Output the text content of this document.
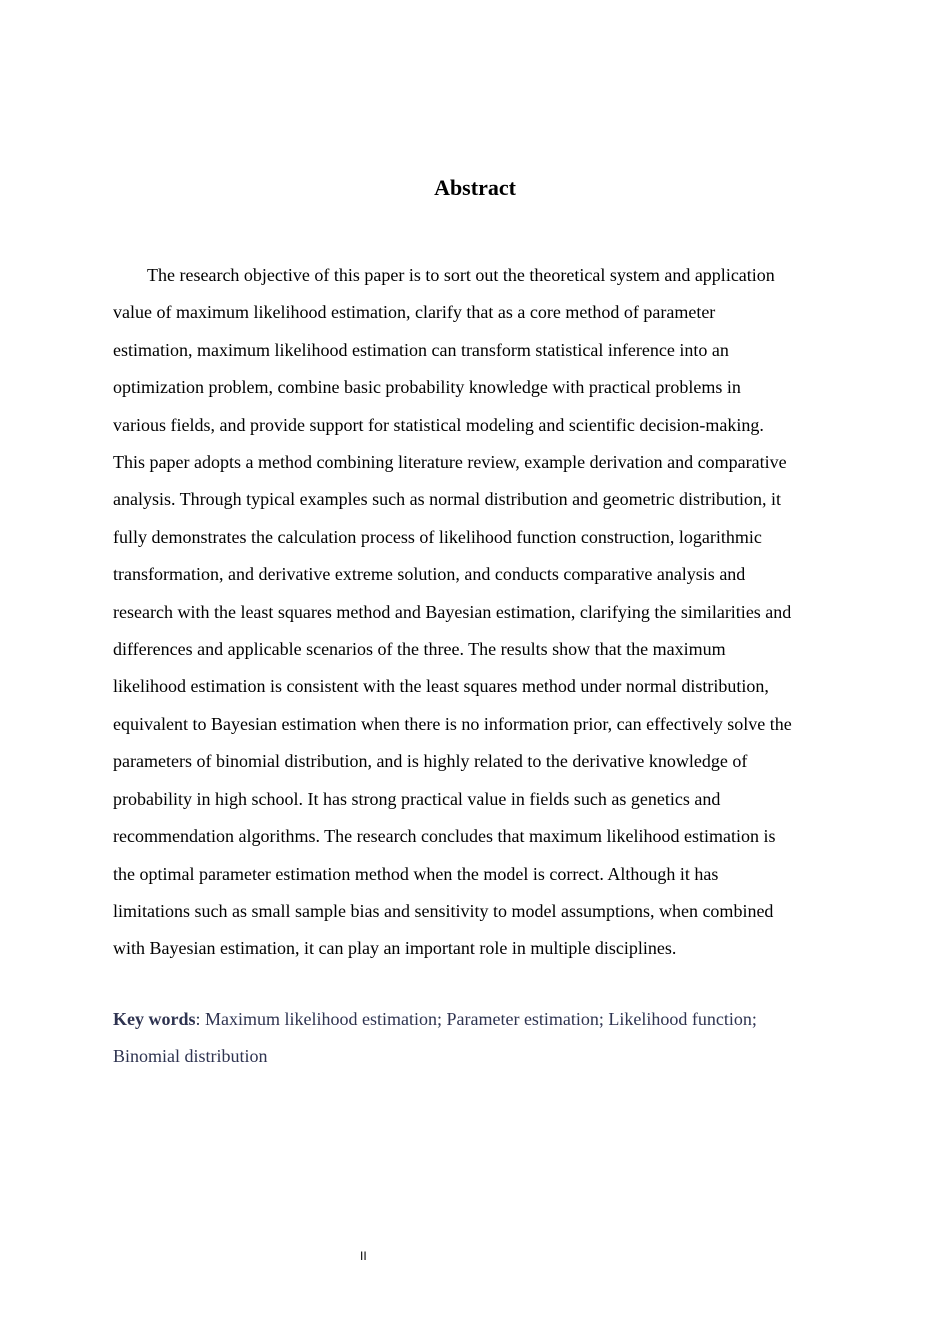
Abstract

The research objective of this paper is to sort out the theoretical system and application
value of maximum likelihood estimation, clarify that as a core method of parameter
estimation, maximum likelihood estimation can transform statistical inference into an
optimization problem, combine basic probability knowledge with practical problems in
various fields, and provide support for statistical modeling and scientific decision-making.
This paper adopts a method combining literature review, example derivation and comparative
analysis. Through typical examples such as normal distribution and geometric distribution, it
fully demonstrates the calculation process of likelihood function construction, logarithmic
transformation, and derivative extreme solution, and conducts comparative analysis and
research with the least squares method and Bayesian estimation, clarifying the similarities and
differences and applicable scenarios of the three. The results show that the maximum
likelihood estimation is consistent with the least squares method under normal distribution,
equivalent to Bayesian estimation when there is no information prior, can effectively solve the
parameters of binomial distribution, and is highly related to the derivative knowledge of
probability in high school. It has strong practical value in fields such as genetics and
recommendation algorithms. The research concludes that maximum likelihood estimation is
the optimal parameter estimation method when the model is correct. Although it has
limitations such as small sample bias and sensitivity to model assumptions, when combined
with Bayesian estimation, it can play an important role in multiple disciplines.

Key words: Maximum likelihood estimation; Parameter estimation; Likelihood function;
Binomial distribution

II
